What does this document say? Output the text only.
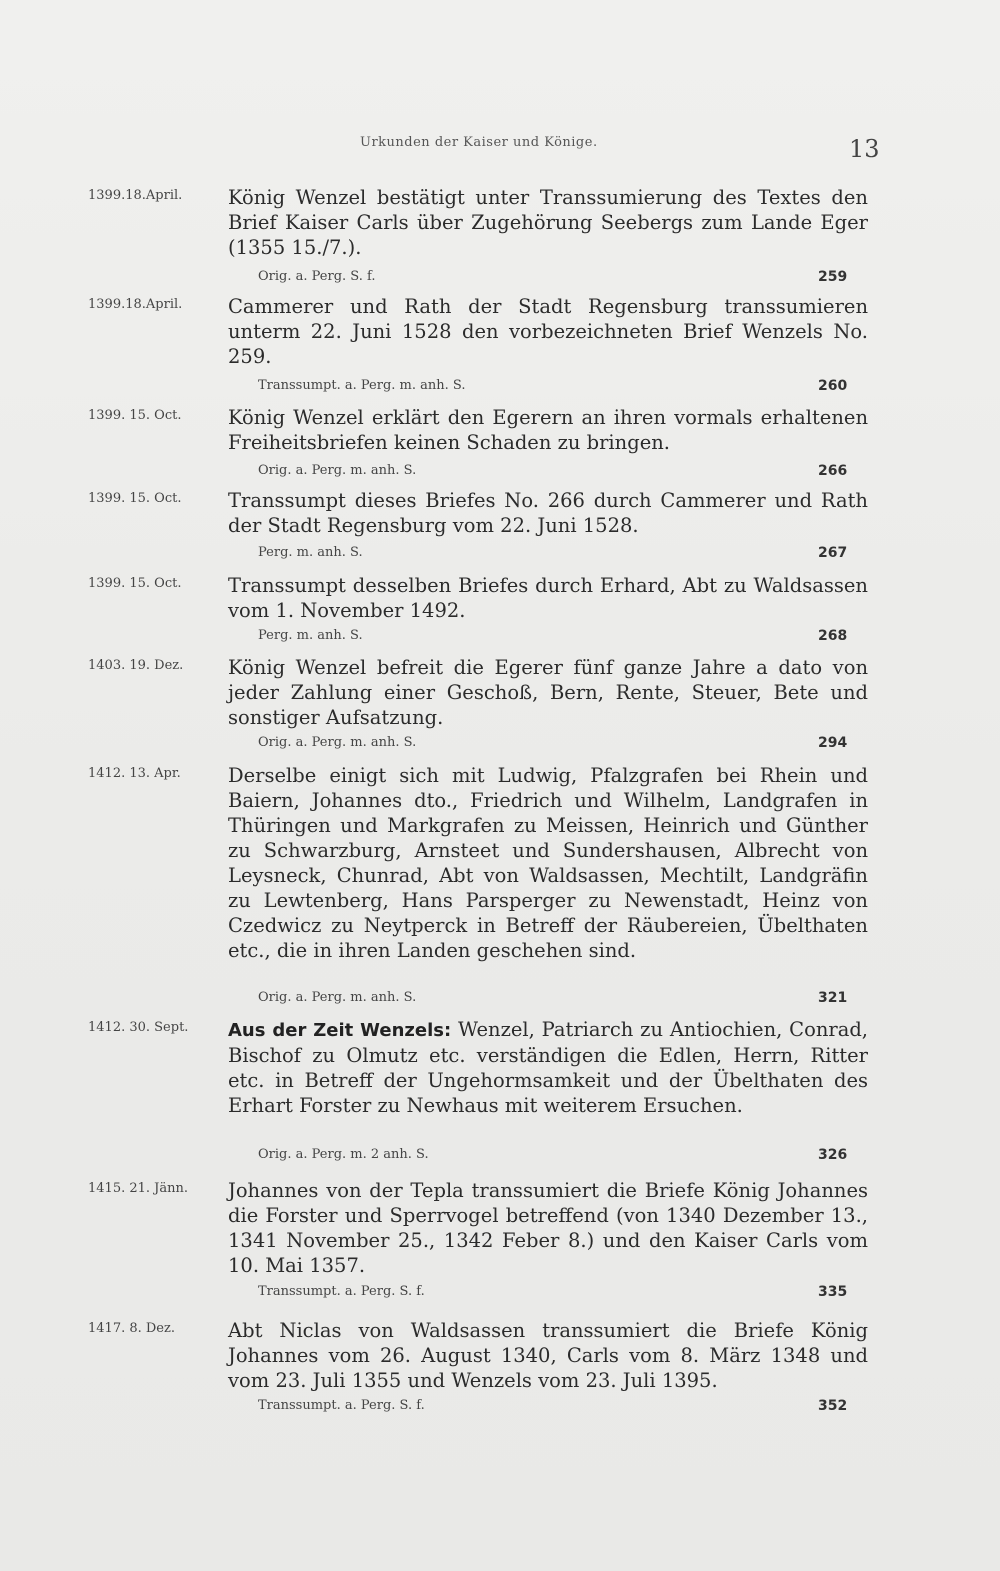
Urkunden der Kaiser und Könige.	13
1399.18.April. König Wenzel bestätigt unter Transsumierung des Textes den Brief Kaiser Carls über Zugehörung Seebergs zum Lande Eger (1355 15./7.).
Orig. a. Perg. S. f.	259
1399.18.April. Cammerer und Rath der Stadt Regensburg transsumieren unterm 22. Juni 1528 den vorbezeichneten Brief Wenzels No. 259.
Transsumpt. a. Perg. m. anh. S.	260
1399. 15. Oct. König Wenzel erklärt den Egerern an ihren vormals erhaltenen Freiheitsbriefen keinen Schaden zu bringen.
Orig. a. Perg. m. anh. S.	266
1399. 15. Oct. Transsumpt dieses Briefes No. 266 durch Cammerer und Rath der Stadt Regensburg vom 22. Juni 1528.
Perg. m. anh. S.	267
1399. 15. Oct. Transsumpt desselben Briefes durch Erhard, Abt zu Waldsassen vom 1. November 1492.
Perg. m. anh. S.	268
1403. 19. Dez. König Wenzel befreit die Egerer fünf ganze Jahre a dato von jeder Zahlung einer Geschoß, Bern, Rente, Steuer, Bete und sonstiger Aufsatzung.
Orig. a. Perg. m. anh. S.	294
1412. 13. Apr. Derselbe einigt sich mit Ludwig, Pfalzgrafen bei Rhein und Baiern, Johannes dto., Friedrich und Wilhelm, Landgrafen in Thüringen und Markgrafen zu Meissen, Heinrich und Günther zu Schwarzburg, Arnsteet und Sundershausen, Albrecht von Leysneck, Chunrad, Abt von Waldsassen, Mechtilt, Landgräfin zu Lewtenberg, Hans Parsperger zu Newenstadt, Heinz von Czedwicz zu Neytperck in Betreff der Räubereien, Übelthaten etc., die in ihren Landen geschehen sind.
Orig. a. Perg. m. anh. S.	321
1412. 30. Sept. Aus der Zeit Wenzels: Wenzel, Patriarch zu Antiochien, Conrad, Bischof zu Olmutz etc. verständigen die Edlen, Herrn, Ritter etc. in Betreff der Ungehormsamkeit und der Übelthaten des Erhart Forster zu Newhaus mit weiterem Ersuchen.
Orig. a. Perg. m. 2 anh. S.	326
1415. 21. Jänn. Johannes von der Tepla transsumiert die Briefe König Johannes die Forster und Sperrvogel betreffend (von 1340 Dezember 13., 1341 November 25., 1342 Feber 8.) und den Kaiser Carls vom 10. Mai 1357.
Transsumpt. a. Perg. S. f.	335
1417. 8. Dez.	Abt Niclas von Waldsassen transsumiert die Briefe König Johannes vom 26. August 1340, Carls vom 8. März 1348 und vom 23. Juli 1355 und Wenzels vom 23. Juli 1395.
Transsumpt. a. Perg. S. f.	352
